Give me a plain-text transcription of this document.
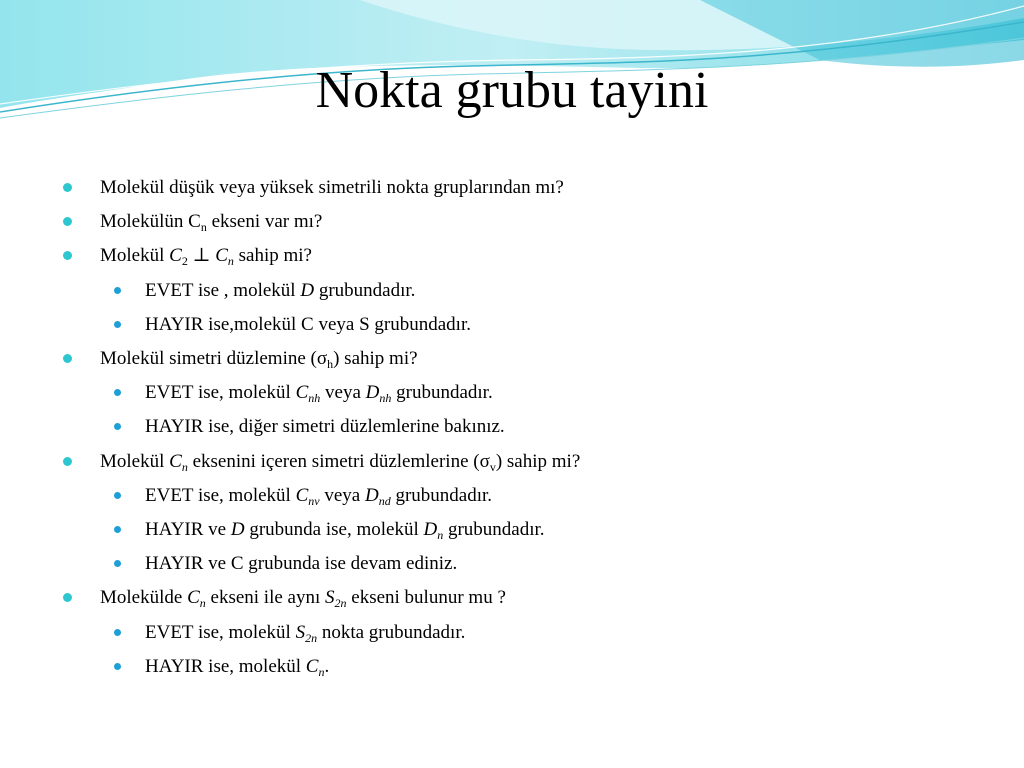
Nokta grubu tayini
Molekül düşük veya yüksek simetrili nokta gruplarından mı?
Molekülün $C_n$ ekseni var mı?
Molekül $C_2$ ⊥ $C_n$ sahip mi?
EVET ise , molekül D grubundadır.
HAYIR ise,molekül C veya S grubundadır.
Molekül simetri düzlemine $(\sigma_h)$ sahip mi?
EVET ise, molekül $C_{nh}$ veya $D_{nh}$ grubundadır.
HAYIR ise, diğer simetri düzlemlerine bakınız.
Molekül $C_n$ eksenini içeren simetri düzlemlerine $(\sigma_v)$ sahip mi?
EVET ise, molekül $C_{nv}$ veya $D_{nd}$ grubundadır.
HAYIR ve D grubunda ise, molekül $D_n$ grubundadır.
HAYIR ve C grubunda ise devam ediniz.
Molekülde $C_n$ ekseni ile aynı $S_{2n}$ ekseni bulunur mu ?
EVET ise, molekül $S_{2n}$ nokta grubundadır.
HAYIR ise, molekül $C_n$.
